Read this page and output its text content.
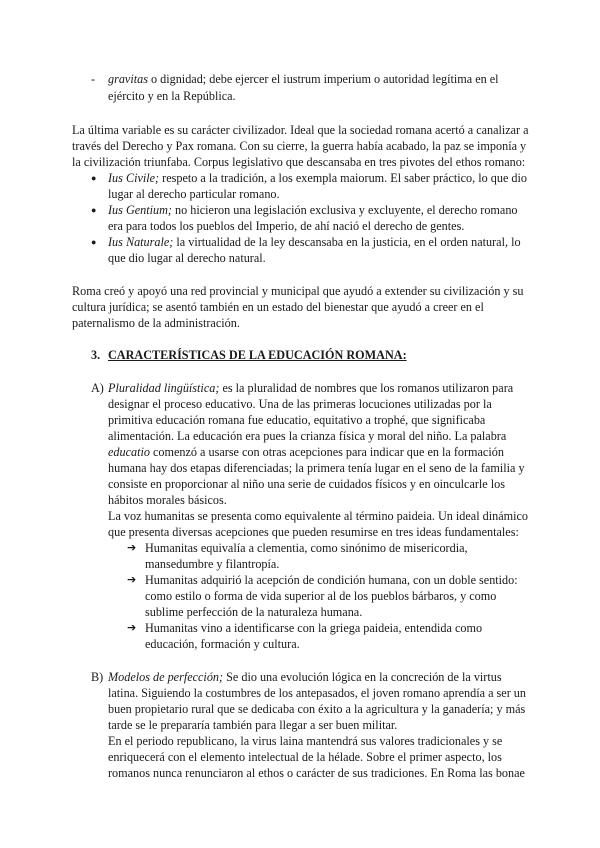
- gravitas o dignidad; debe ejercer el iustrum imperium o autoridad legítima en el
ejército y en la República.
La última variable es su carácter civilizador. Ideal que la sociedad romana acertó a canalizar a
través del Derecho y Pax romana. Con su cierre, la guerra había acabado, la paz se imponía y
la civilización triunfaba. Corpus legislativo que descansaba en tres pivotes del ethos romano:
● Ius Civile; respeto a la tradición, a los exempla maiorum. El saber práctico, lo que dio
lugar al derecho particular romano.
● Ius Gentium; no hicieron una legislación exclusiva y excluyente, el derecho romano
era para todos los pueblos del Imperio, de ahí nació el derecho de gentes.
● Ius Naturale; la virtualidad de la ley descansaba en la justicia, en el orden natural, lo
que dio lugar al derecho natural.
Roma creó y apoyó una red provincial y municipal que ayudó a extender su civilización y su
cultura jurídica; se asentó también en un estado del bienestar que ayudó a creer en el
paternalismo de la administración.
3. CARACTERÍSTICAS DE LA EDUCACIÓN ROMANA:
A) Pluralidad lingüística; es la pluralidad de nombres que los romanos utilizaron para
designar el proceso educativo. Una de las primeras locuciones utilizadas por la
primitiva educación romana fue educatio, equitativo a trophé, que significaba
alimentación. La educación era pues la crianza física y moral del niño. La palabra
educatio comenzó a usarse con otras acepciones para indicar que en la formación
humana hay dos etapas diferenciadas; la primera tenía lugar en el seno de la familia y
consiste en proporcionar al niño una serie de cuidados físicos y en oinculcarle los
hábitos morales básicos.
La voz humanitas se presenta como equivalente al término paideia. Un ideal dinámico
que presenta diversas acepciones que pueden resumirse en tres ideas fundamentales:
➔ Humanitas equivalía a clementia, como sinónimo de misericordia,
mansedumbre y filantropía.
➔ Humanitas adquirió la acepción de condición humana, con un doble sentido:
como estilo o forma de vida superior al de los pueblos bárbaros, y como
sublime perfección de la naturaleza humana.
➔ Humanitas vino a identificarse con la griega paideia, entendida como
educación, formación y cultura.
B) Modelos de perfección; Se dio una evolución lógica en la concreción de la virtus
latina. Siguiendo la costumbres de los antepasados, el joven romano aprendía a ser un
buen propietario rural que se dedicaba con éxito a la agricultura y la ganadería; y más
tarde se le prepararía también para llegar a ser buen militar.
En el periodo republicano, la virus laina mantendrá sus valores tradicionales y se
enriquecerá con el elemento intelectual de la hélade. Sobre el primer aspecto, los
romanos nunca renunciaron al ethos o carácter de sus tradiciones. En Roma las bonae
